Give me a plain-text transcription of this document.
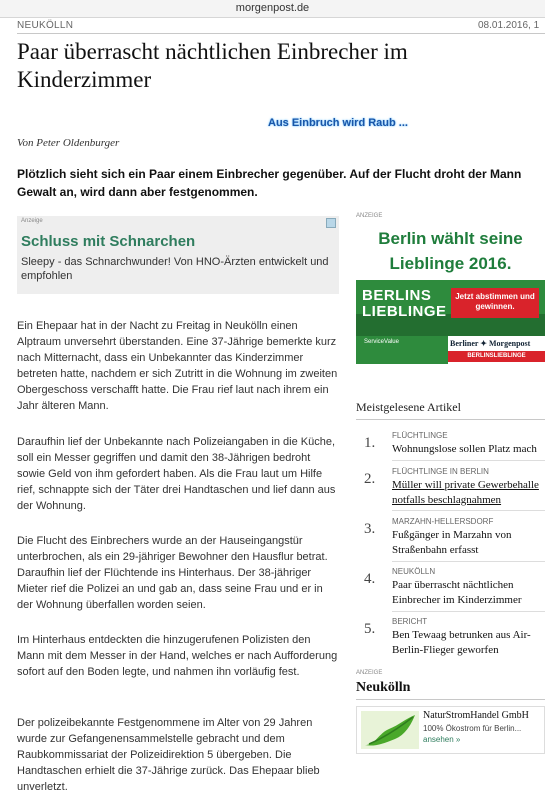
morgenpost.de
NEUKÖLLN	08.01.2016, 1
Paar überrascht nächtlichen Einbrecher im Kinderzimmer
Aus Einbruch wird Raub ...
Von Peter Oldenburger
Plötzlich sieht sich ein Paar einem Einbrecher gegenüber. Auf der Flucht droht der Mann Gewalt an, wird dann aber festgenommen.
Anzeige
Schluss mit Schnarchen
Sleepy - das Schnarchwunder! Von HNO-Ärzten entwickelt und empfohlen

Ein Ehepaar hat in der Nacht zu Freitag in Neukölln einen Alptraum unversehrt überstanden. Eine 37-Jährige bemerkte kurz nach Mitternacht, dass ein Unbekannter das Kinderzimmer betreten hatte, nachdem er sich Zutritt in die Wohnung im zweiten Obergeschoss verschafft hatte. Die Frau rief laut nach ihrem ein Jahr älteren Mann.

Daraufhin lief der Unbekannte nach Polizeiangaben in die Küche, soll ein Messer gegriffen und damit den 38-Jährigen bedroht sowie Geld von ihm gefordert haben. Als die Frau laut um Hilfe rief, schnappte sich der Täter drei Handtaschen und lief dann aus der Wohnung.

Die Flucht des Einbrechers wurde an der Hauseingangstür unterbrochen, als ein 29-jähriger Bewohner den Hausflur betrat. Daraufhin lief der Flüchtende ins Hinterhaus. Der 38-jähriger Mieter rief die Polizei an und gab an, dass seine Frau und er in der Wohnung überfallen worden seien.

Im Hinterhaus entdeckten die hinzugerufenen Polizisten den Mann mit dem Messer in der Hand, welches er nach Aufforderung sofort auf den Boden legte, und nahmen ihn vorläufig fest.

Der polizeibekannte Festgenommene im Alter von 29 Jahren wurde zur Gefangenensammelstelle gebracht und dem Raubkommissariat der Polizeidirektion 5 übergeben. Die Handtaschen erhielt die 37-Jährige zurück. Das Ehepaar blieb unverletzt.

ANZEIGE
Berlin wählt seine
Lieblinge 2016.
BERLINS
LIEBLINGE
Jetzt abstimmen und gewinnen.
ServiceValue	Berliner ✦ Morgenpost
BERLINSLIEBLINGE
Meistgelesene Artikel
1. FLÜCHTLINGE
Wohnungslose sollen Platz mach
2. FLÜCHTLINGE IN BERLIN
Müller will private Gewerbehalle notfalls beschlagnahmen
3. MARZAHN-HELLERSDORF
Fußgänger in Marzahn von Straßenbahn erfasst
4. NEUKÖLLN
Paar überrascht nächtlichen Einbrecher im Kinderzimmer
5. BERICHT
Ben Tewaag betrunken aus Air-Berlin-Flieger geworfen
ANZEIGE
Neukölln
NaturStromHandel GmbH
100% Ökostrom für Berlin...
ansehen »
